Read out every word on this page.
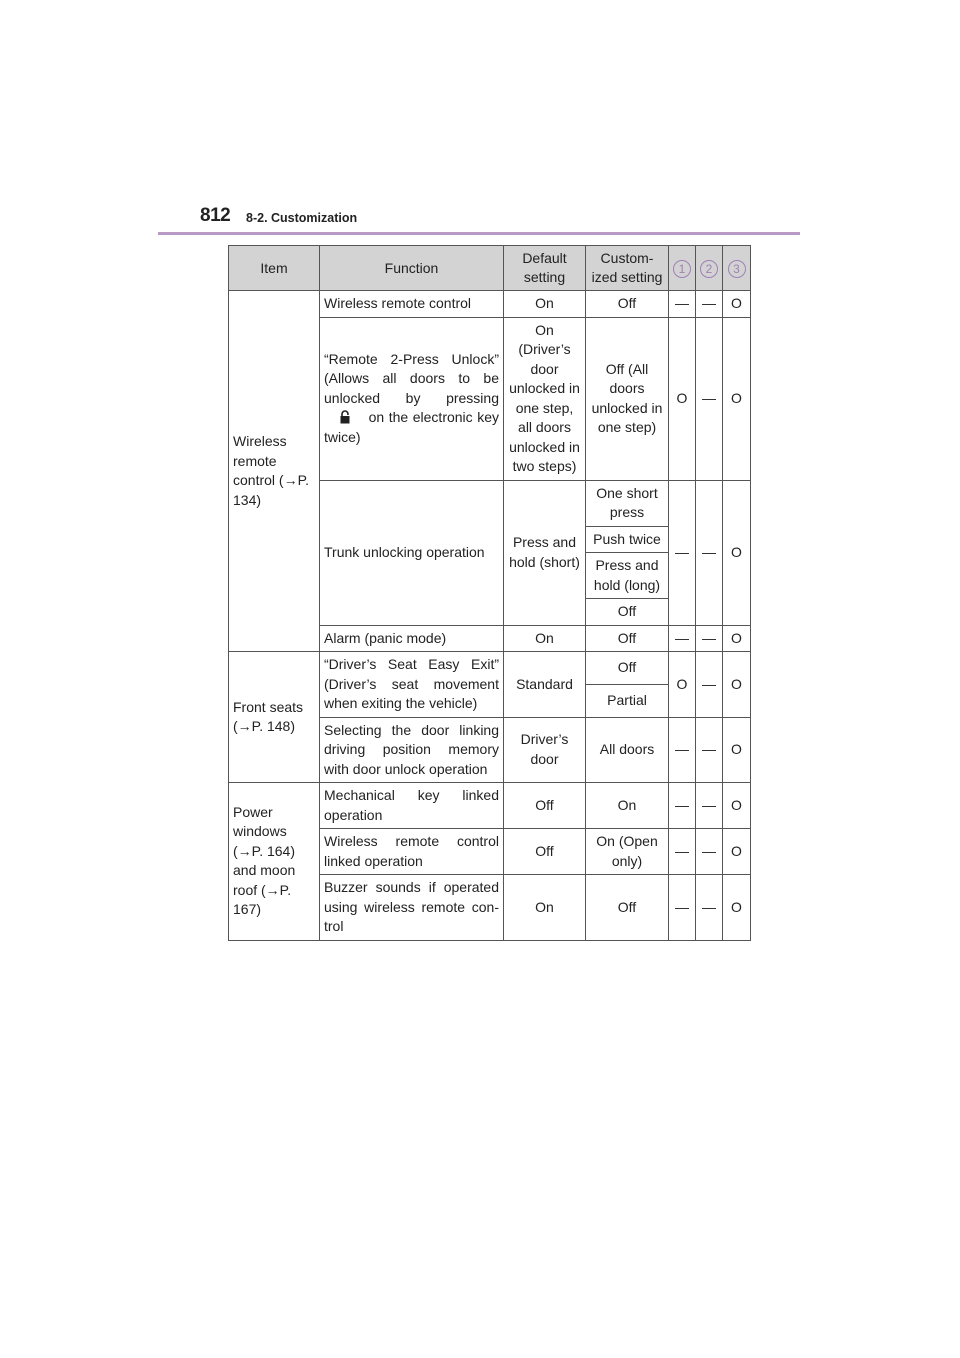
812 8-2. Customization
Item	Function	Default setting	Custom-ized setting	1	2	3
Wireless remote control (→P. 134)	Wireless remote control	On	Off	—	—	O
	“Remote 2-Press Unlock” (Allows all doors to be unlocked by pressing  on the electronic key twice)	On (Driver’s door unlocked in one step, all doors unlocked in two steps)	Off (All doors unlocked in one step)	O	—	O
	Trunk unlocking operation	Press and hold (short)	One short press	—	—	O
			Push twice			
			Press and hold (long)			
			Off			
	Alarm (panic mode)	On	Off	—	—	O
Front seats (→P. 148)	“Driver’s Seat Easy Exit” (Driver’s seat movement when exiting the vehicle)	Standard	Off	O	—	O
			Partial			
	Selecting the door linking driving position memory with door unlock operation	Driver’s door	All doors	—	—	O
Power windows (→P. 164) and moon roof (→P. 167)	Mechanical key linked operation	Off	On	—	—	O
	Wireless remote control linked operation	Off	On (Open only)	—	—	O
	Buzzer sounds if operated using wireless remote con-trol	On	Off	—	—	O
